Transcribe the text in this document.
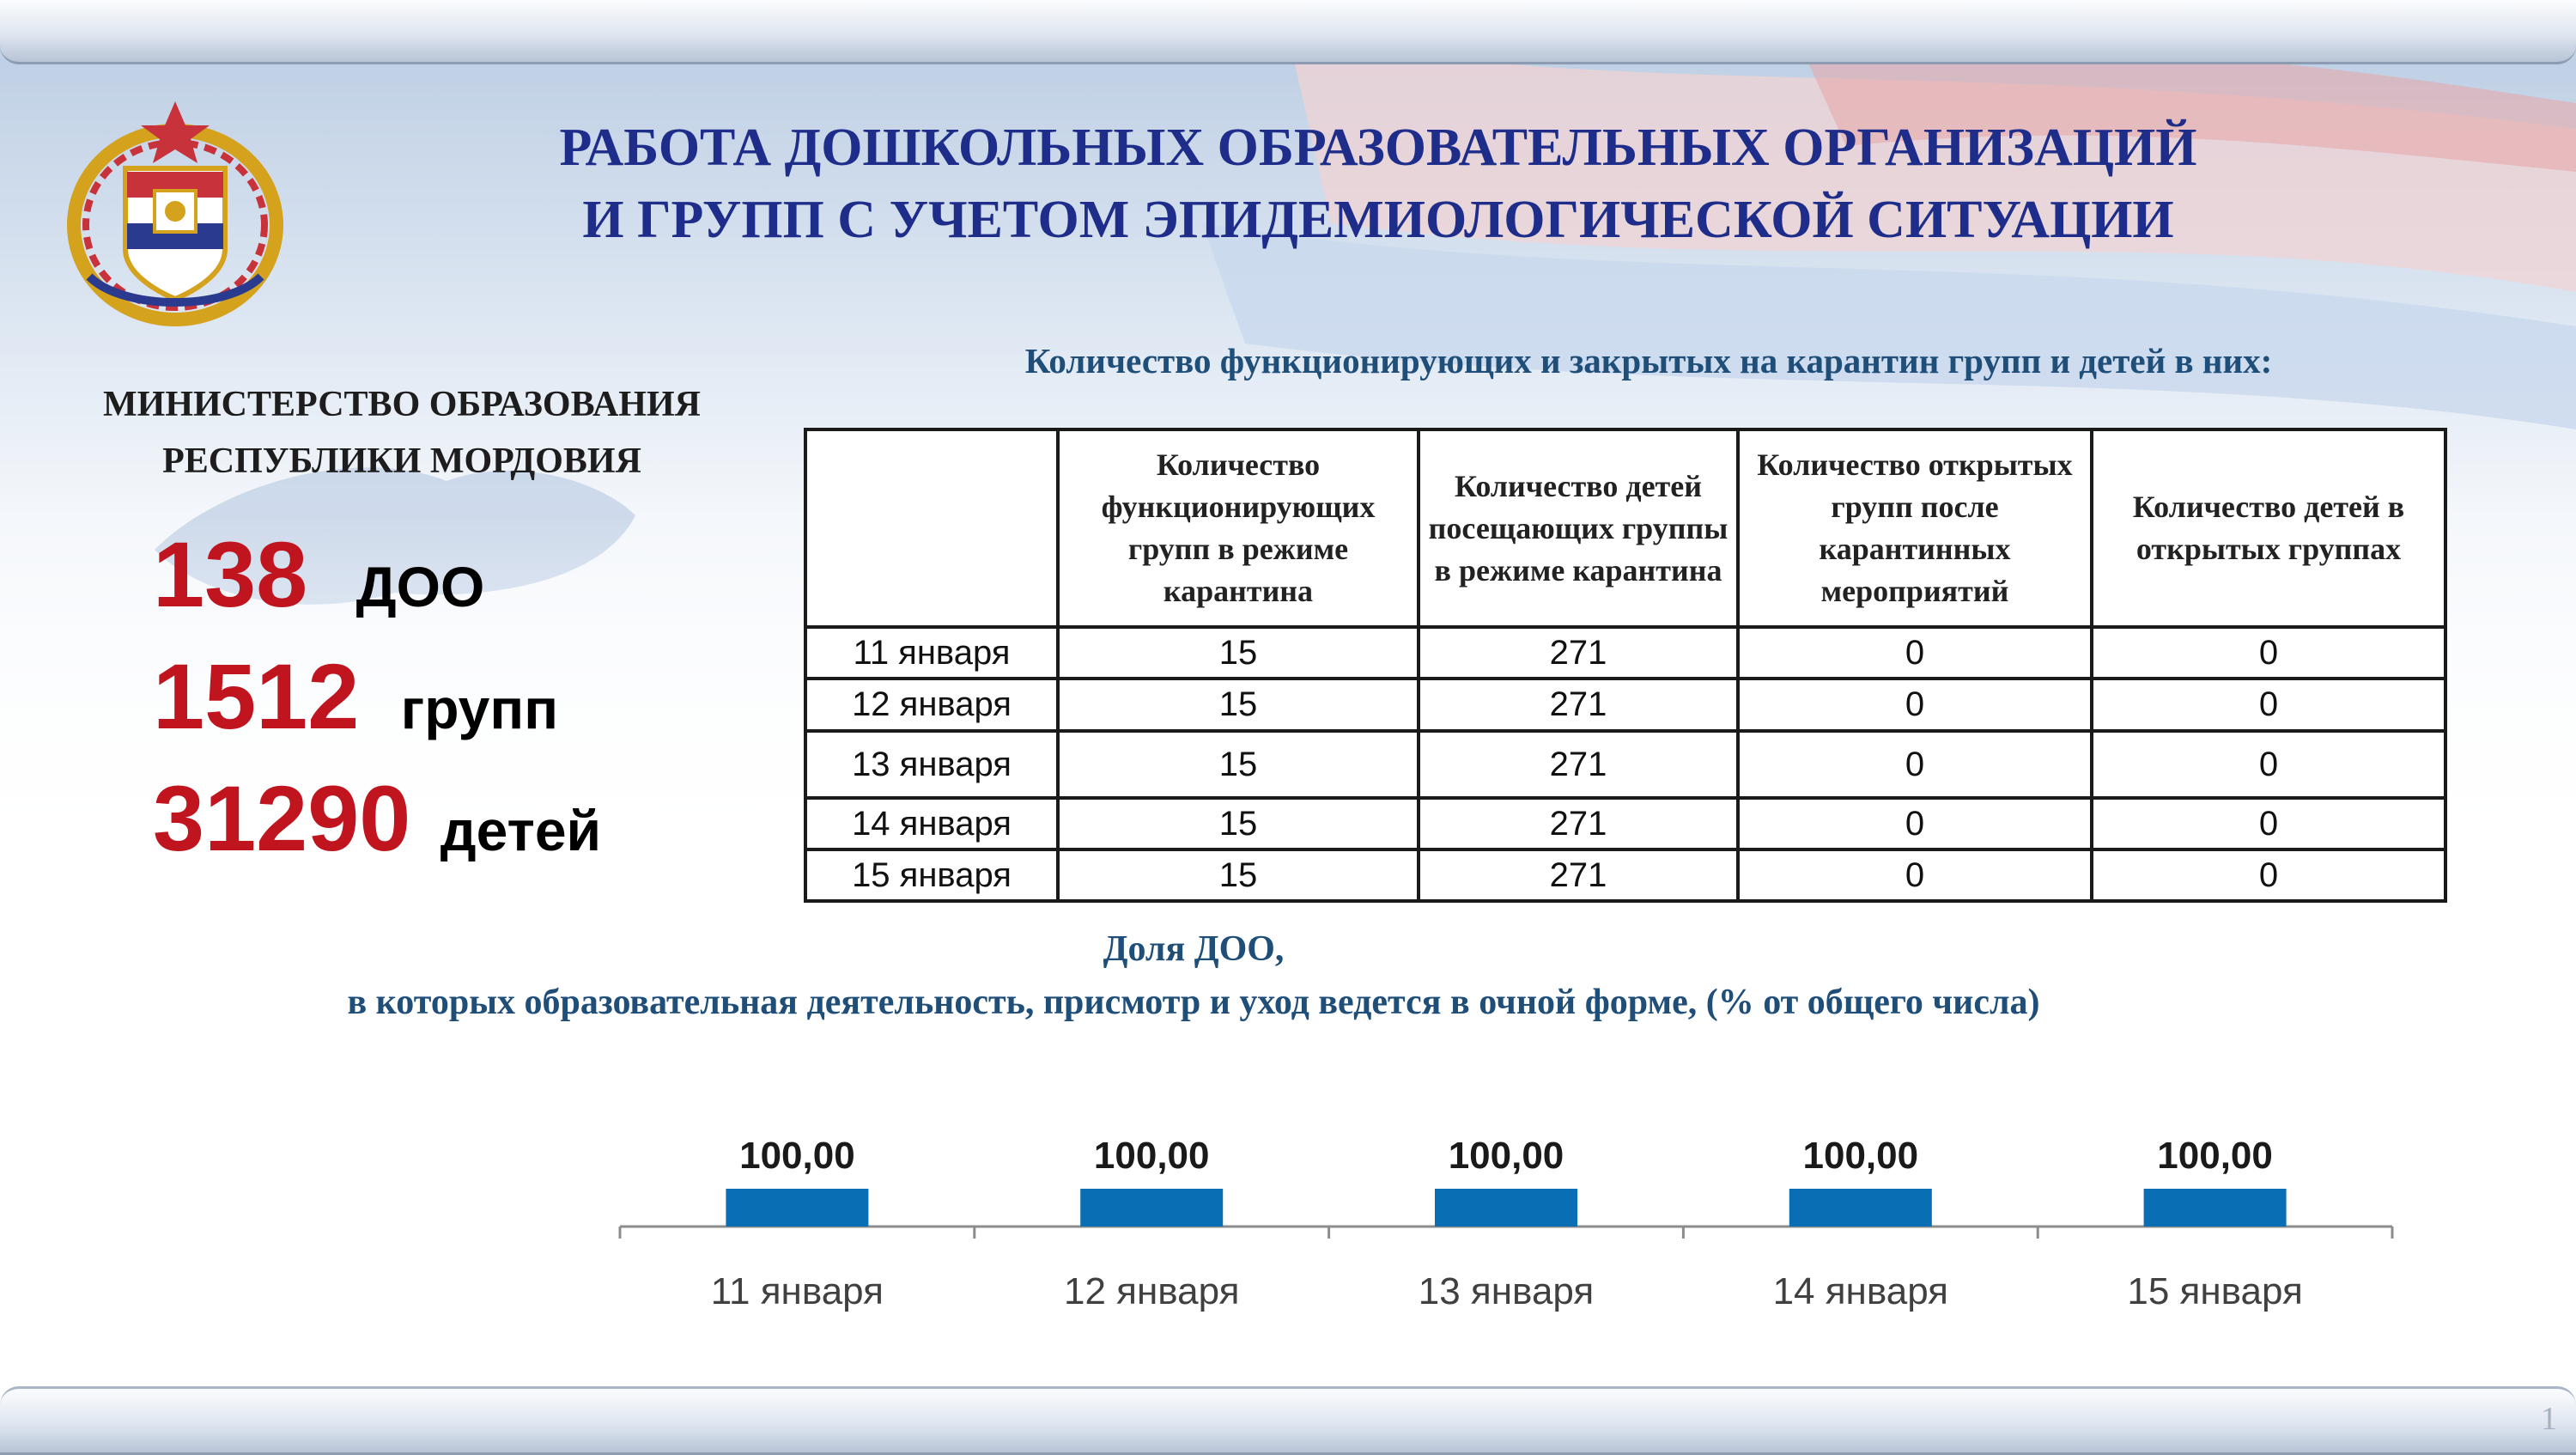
1
РАБОТА ДОШКОЛЬНЫХ ОБРАЗОВАТЕЛЬНЫХ ОРГАНИЗАЦИЙ
И ГРУПП С УЧЕТОМ ЭПИДЕМИОЛОГИЧЕСКОЙ СИТУАЦИИ
МИНИСТЕРСТВО ОБРАЗОВАНИЯ
РЕСПУБЛИКИ МОРДОВИЯ
138 ДОО
1512 групп
31290 детей
Количество функционирующих и закрытых на карантин групп и детей в них:
	Количество функционирующих групп в режиме карантина	Количество детей посещающих группы в режиме карантина	Количество открытых групп после карантинных мероприятий	Количество детей в открытых группах
11 января	15	271	0	0
12 января	15	271	0	0
13 января	15	271	0	0
14 января	15	271	0	0
15 января	15	271	0	0
Доля ДОО,
в которых образовательная деятельность, присмотр и уход ведется в очной форме, (% от общего числа)
100,00
11 января
100,00
12 января
100,00
13 января
100,00
14 января
100,00
15 января
